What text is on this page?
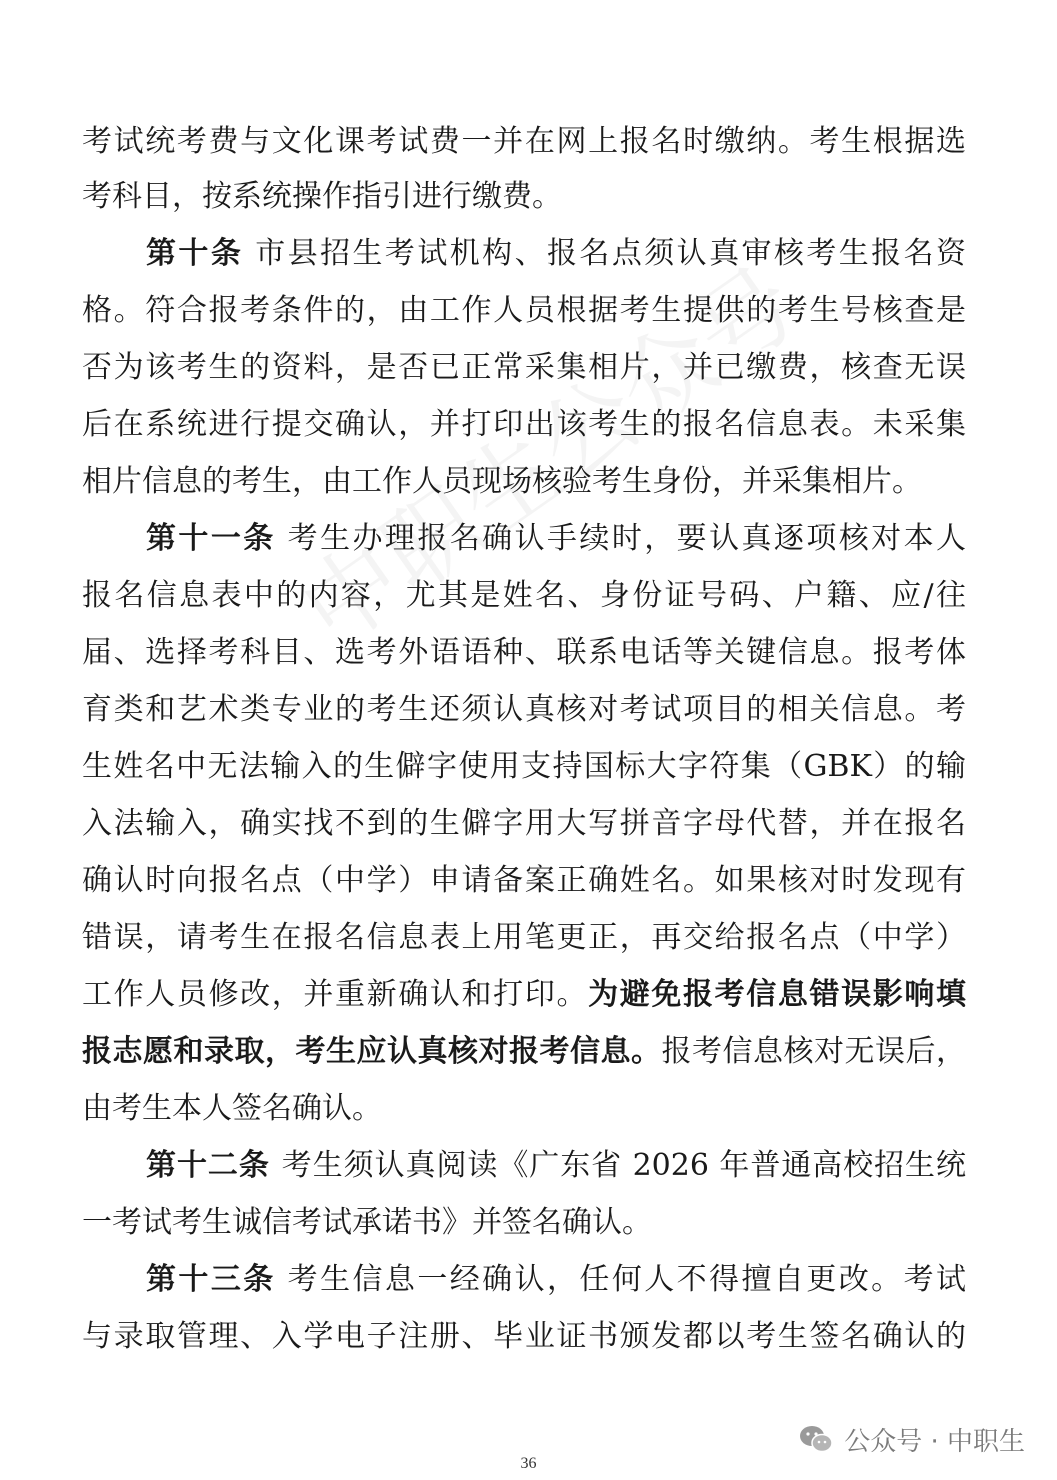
考试统考费与文化课考试费一并在网上报名时缴纳。考生根据选
考科目，按系统操作指引进行缴费。
第十条 市县招生考试机构、报名点须认真审核考生报名资
格。符合报考条件的，由工作人员根据考生提供的考生号核查是
否为该考生的资料，是否已正常采集相片，并已缴费，核查无误
后在系统进行提交确认，并打印出该考生的报名信息表。未采集
相片信息的考生，由工作人员现场核验考生身份，并采集相片。
第十一条 考生办理报名确认手续时，要认真逐项核对本人
报名信息表中的内容，尤其是姓名、身份证号码、户籍、应/往
届、选择考科目、选考外语语种、联系电话等关键信息。报考体
育类和艺术类专业的考生还须认真核对考试项目的相关信息。考
生姓名中无法输入的生僻字使用支持国标大字符集（GBK）的输
入法输入，确实找不到的生僻字用大写拼音字母代替，并在报名
确认时向报名点（中学）申请备案正确姓名。如果核对时发现有
错误，请考生在报名信息表上用笔更正，再交给报名点（中学）
工作人员修改，并重新确认和打印。为避免报考信息错误影响填
报志愿和录取，考生应认真核对报考信息。报考信息核对无误后，
由考生本人签名确认。
第十二条 考生须认真阅读《广东省 2026 年普通高校招生统
一考试考生诚信考试承诺书》并签名确认。
第十三条 考生信息一经确认，任何人不得擅自更改。考试
与录取管理、入学电子注册、毕业证书颁发都以考生签名确认的
公众号 · 中职生
36
